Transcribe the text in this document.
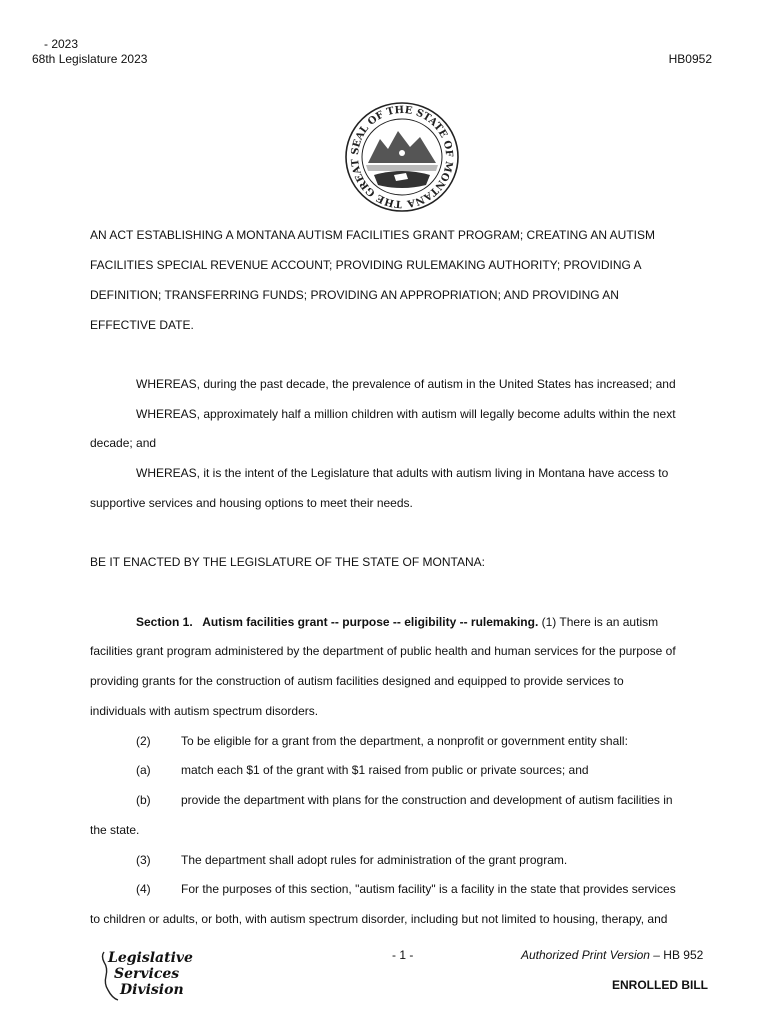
- 2023
68th Legislature 2023	HB0952
THE GREAT SEAL OF THE STATE OF MONTANA
AN ACT ESTABLISHING A MONTANA AUTISM FACILITIES GRANT PROGRAM; CREATING AN AUTISM
FACILITIES SPECIAL REVENUE ACCOUNT; PROVIDING RULEMAKING AUTHORITY; PROVIDING A
DEFINITION; TRANSFERRING FUNDS; PROVIDING AN APPROPRIATION; AND PROVIDING AN
EFFECTIVE DATE.
WHEREAS, during the past decade, the prevalence of autism in the United States has increased; and
WHEREAS, approximately half a million children with autism will legally become adults within the next
decade; and
WHEREAS, it is the intent of the Legislature that adults with autism living in Montana have access to
supportive services and housing options to meet their needs.
BE IT ENACTED BY THE LEGISLATURE OF THE STATE OF MONTANA:
Section 1.   Autism facilities grant -- purpose -- eligibility -- rulemaking. (1) There is an autism
facilities grant program administered by the department of public health and human services for the purpose of
providing grants for the construction of autism facilities designed and equipped to provide services to
individuals with autism spectrum disorders.
(2)	To be eligible for a grant from the department, a nonprofit or government entity shall:
(a)	match each $1 of the grant with $1 raised from public or private sources; and
(b)	provide the department with plans for the construction and development of autism facilities in
the state.
(3)	The department shall adopt rules for administration of the grant program.
(4)	For the purposes of this section, "autism facility" is a facility in the state that provides services
to children or adults, or both, with autism spectrum disorder, including but not limited to housing, therapy, and
Legislative
Services
Division
- 1 -	Authorized Print Version – HB 952
ENROLLED BILL
